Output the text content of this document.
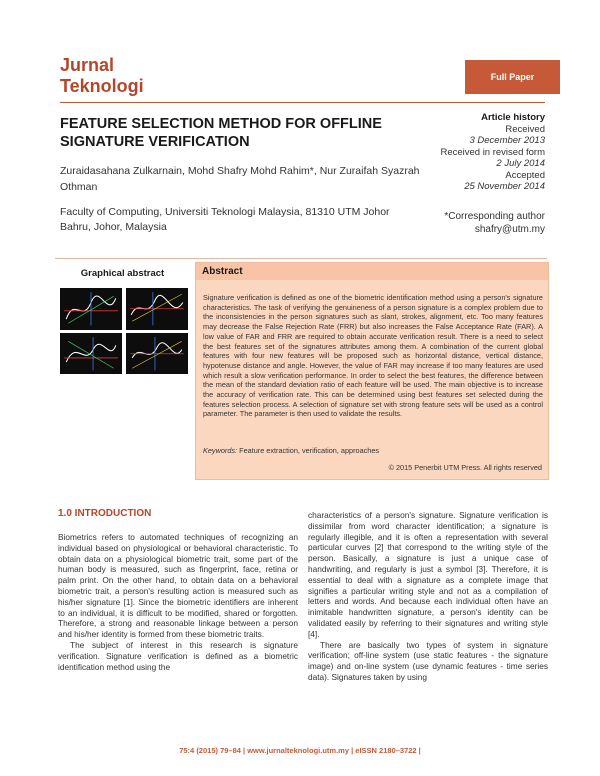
Jurnal
Teknologi	Full Paper
FEATURE SELECTION METHOD FOR OFFLINE SIGNATURE VERIFICATION
Zuraidasahana Zulkarnain, Mohd Shafry Mohd Rahim*, Nur Zuraifah Syazrah Othman
Faculty of Computing, Universiti Teknologi Malaysia, 81310 UTM Johor Bahru, Johor, Malaysia
Article history
Received
3 December 2013
Received in revised form
2 July 2014
Accepted
25 November 2014
*Corresponding author
shafry@utm.my
Graphical abstract	Abstract
Signature verification is defined as one of the biometric identification method using a person's signature characteristics. The task of verifying the genuineness of a person signature is a complex problem due to the inconsistencies in the person signatures such as slant, strokes, alignment, etc. Too many features may decrease the False Rejection Rate (FRR) but also increases the False Acceptance Rate (FAR). A low value of FAR and FRR are required to obtain accurate verification result. There is a need to select the best features set of the signatures attributes among them. A combination of the current global features with four new features will be proposed such as horizontal distance, vertical distance, hypotenuse distance and angle. However, the value of FAR may increase if too many features are used which result a slow verification performance. In order to select the best features, the difference between the mean of the standard deviation ratio of each feature will be used. The main objective is to increase the accuracy of verification rate. This can be determined using best features set selected during the features selection process. A selection of signature set with strong feature sets will be used as a control parameter. The parameter is then used to validate the results.
Keywords: Feature extraction, verification, approaches
© 2015 Penerbit UTM Press. All rights reserved
1.0 INTRODUCTION

Biometrics refers to automated techniques of recognizing an individual based on physiological or behavioral characteristic. To obtain data on a physiological biometric trait, some part of the human body is measured, such as fingerprint, face, retina or palm print. On the other hand, to obtain data on a behavioral biometric trait, a person's resulting action is measured such as his/her signature [1]. Since the biometric identifiers are inherent to an individual, it is difficult to be modified, shared or forgotten. Therefore, a strong and reasonable linkage between a person and his/her identity is formed from these biometric traits.

The subject of interest in this research is signature verification. Signature verification is defined as a biometric identification method using the

characteristics of a person's signature. Signature verification is dissimilar from word character identification; a signature is regularly illegible, and it is often a representation with several particular curves [2] that correspond to the writing style of the person. Basically, a signature is just a unique case of handwriting, and regularly is just a symbol [3]. Therefore, it is essential to deal with a signature as a complete image that signifies a particular writing style and not as a compilation of letters and words. And because each individual often have an inimitable handwritten signature, a person's identity can be validated easily by referring to their signatures and writing style [4].

There are basically two types of system in signature verification; off-line system (use static features - the signature image) and on-line system (use dynamic features - time series data). Signatures taken by using

75:4 (2015) 79–84 | www.jurnalteknologi.utm.my | eISSN 2180–3722 |
